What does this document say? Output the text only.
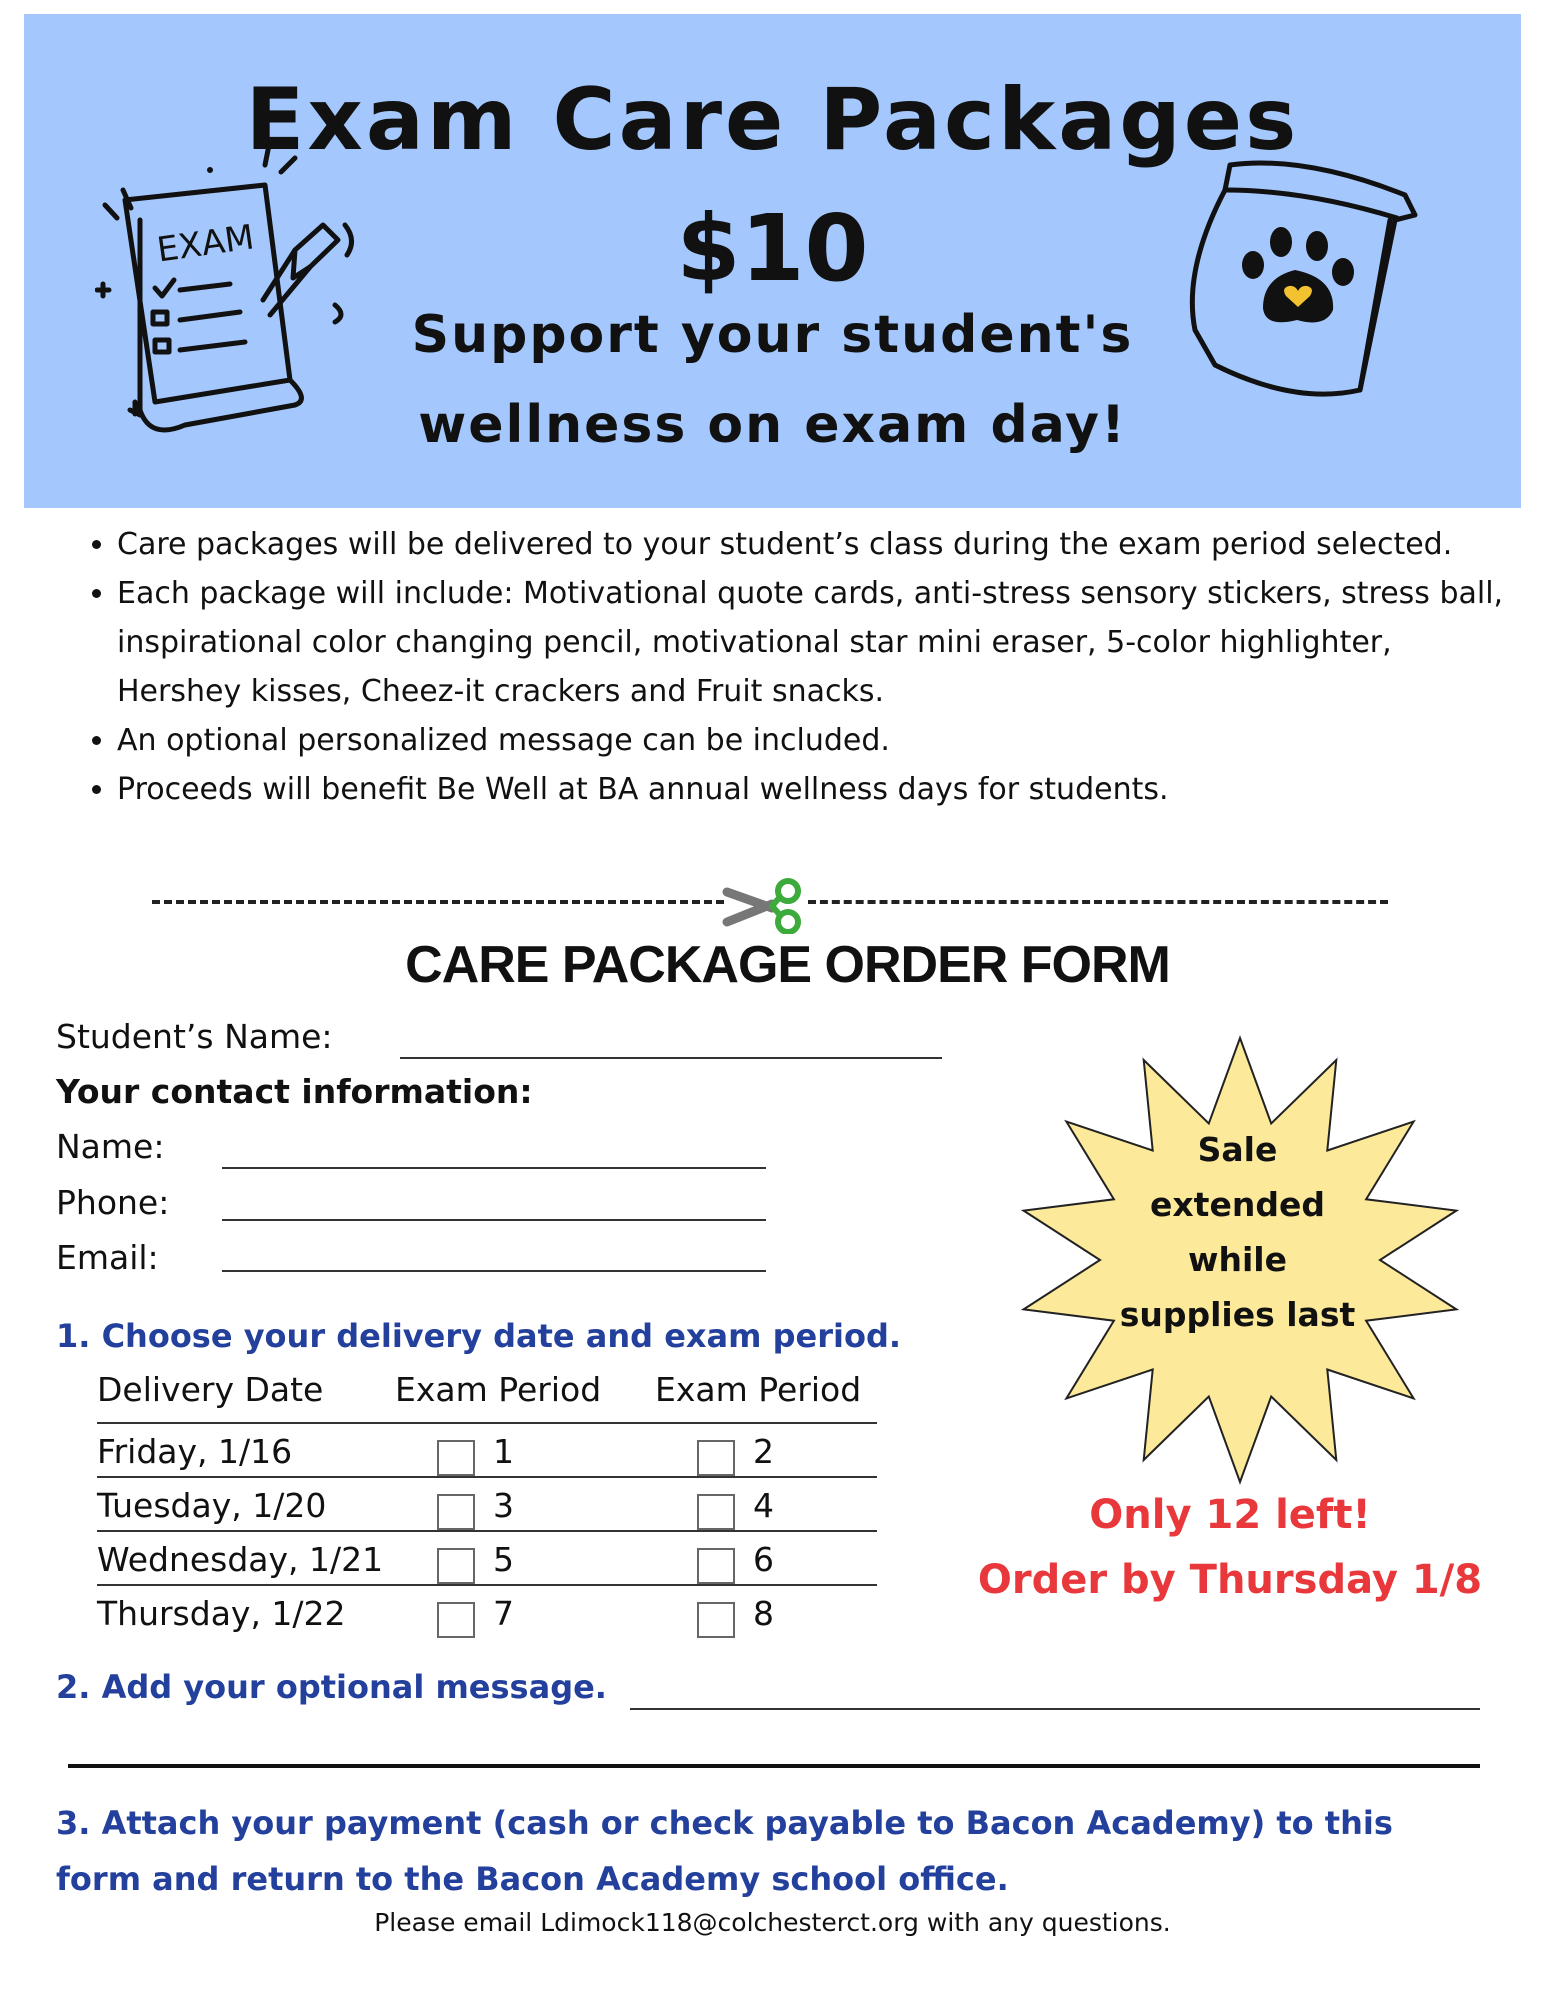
Exam Care Packages
$10
Support your student's
wellness on exam day!
EXAM
• Care packages will be delivered to your student’s class during the exam period selected.
• Each package will include: Motivational quote cards, anti-stress sensory stickers, stress ball, inspirational color changing pencil, motivational star mini eraser, 5-color highlighter, Hershey kisses, Cheez-it crackers and Fruit snacks.
• An optional personalized message can be included.
• Proceeds will benefit Be Well at BA annual wellness days for students.
CARE PACKAGE ORDER FORM
Student’s Name:
Your contact information:
Name:
Phone:
Email:
1. Choose your delivery date and exam period.
Delivery Date Exam Period Exam Period
Friday, 1/16	1	2
Tuesday, 1/20	3	4
Wednesday, 1/21	5	6
Thursday, 1/22	7	8
2. Add your optional message.
3. Attach your payment (cash or check payable to Bacon Academy) to this form and return to the Bacon Academy school office.
Sale
extended
while
supplies last
Only 12 left!
Order by Thursday 1/8
Please email Ldimock118@colchesterct.org with any questions.
